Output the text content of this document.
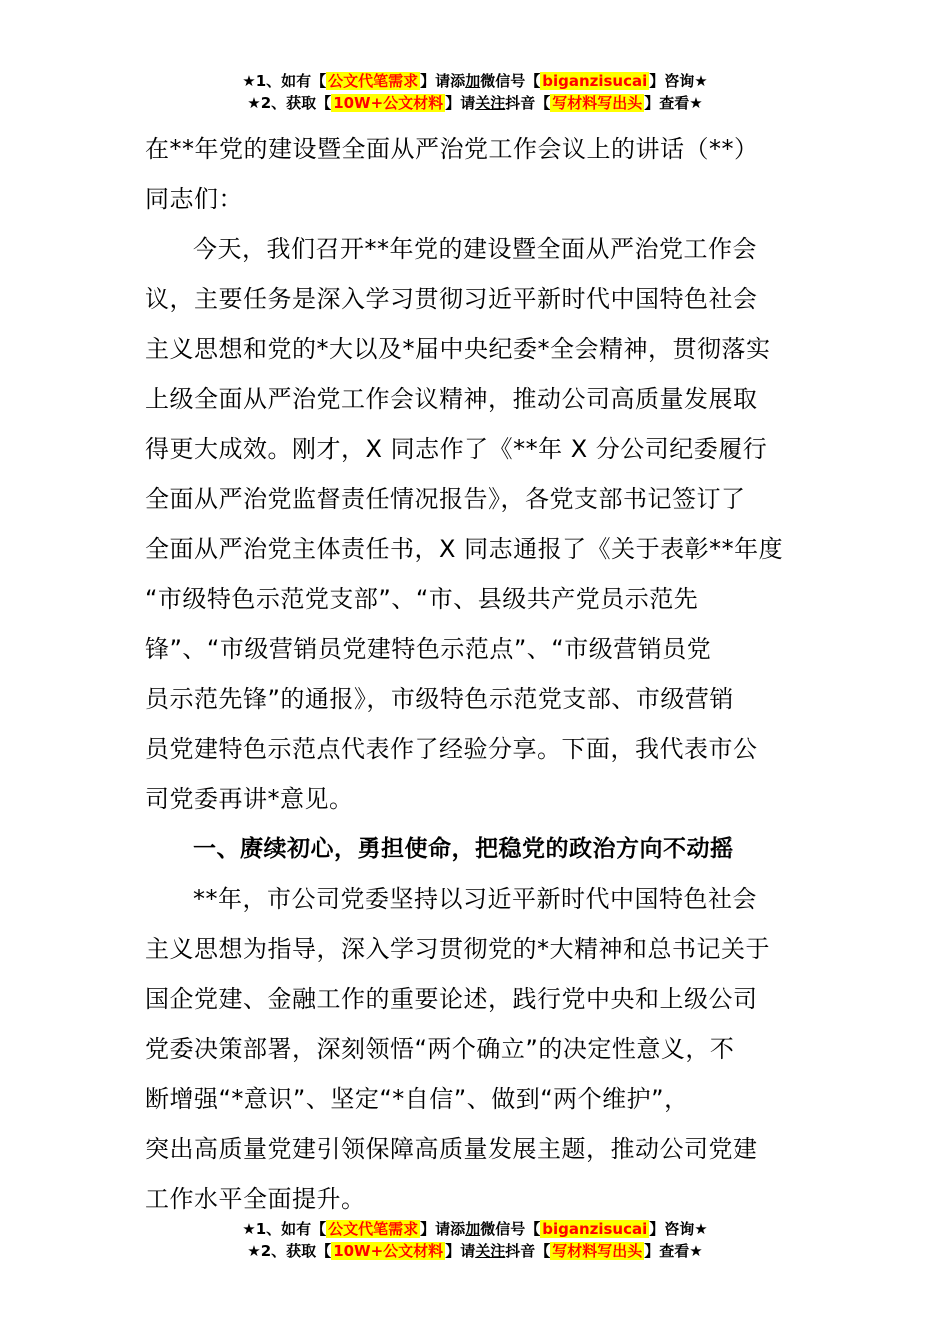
★1、如有【 公文代笔需求 】请添加微信号【 biganzisucai 】咨询★
★2、获取【 10W+公文材料 】请关注抖音【 写材料写出头 】查看★
在**年党的建设暨全面从严治党工作会议上的讲话（**）
同志们：
今天，我们召开**年党的建设暨全面从严治党工作会
议，主要任务是深入学习贯彻习近平新时代中国特色社会
主义思想和党的*大以及*届中央纪委*全会精神，贯彻落实
上级全面从严治党工作会议精神，推动公司高质量发展取
得更大成效。刚才，X 同志作了《**年 X 分公司纪委履行
全面从严治党监督责任情况报告》，各党支部书记签订了
全面从严治党主体责任书，X 同志通报了《关于表彰**年度
“市级特色示范党支部”、“市、县级共产党员示范先
锋”、“市级营销员党建特色示范点”、“市级营销员党
员示范先锋”的通报》，市级特色示范党支部、市级营销
员党建特色示范点代表作了经验分享。下面，我代表市公
司党委再讲*意见。
一、赓续初心，勇担使命，把稳党的政治方向不动摇
**年，市公司党委坚持以习近平新时代中国特色社会
主义思想为指导，深入学习贯彻党的*大精神和总书记关于
国企党建、金融工作的重要论述，践行党中央和上级公司
党委决策部署，深刻领悟“两个确立”的决定性意义，不
断增强“*意识”、坚定“*自信”、做到“两个维护”，
突出高质量党建引领保障高质量发展主题，推动公司党建
工作水平全面提升。
★1、如有【 公文代笔需求 】请添加微信号【 biganzisucai 】咨询★
★2、获取【 10W+公文材料 】请关注抖音【 写材料写出头 】查看★
